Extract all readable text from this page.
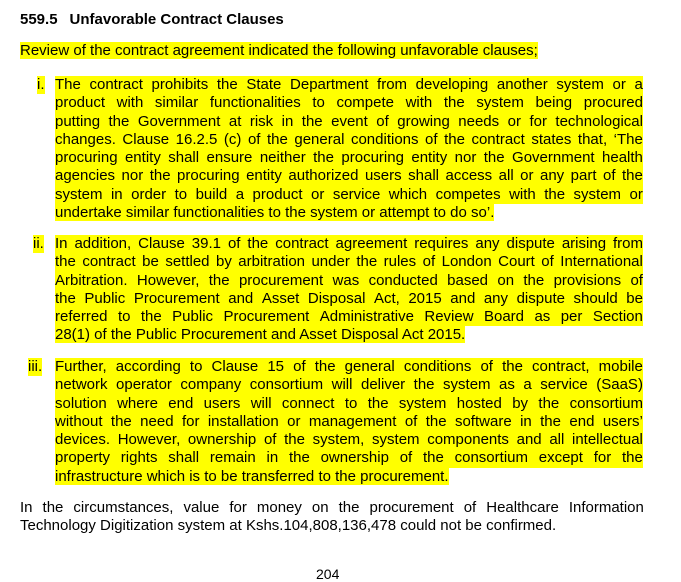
559.5 Unfavorable Contract Clauses
Review of the contract agreement indicated the following unfavorable clauses;
i. The contract prohibits the State Department from developing another system or a
product with similar functionalities to compete with the system being procured
putting the Government at risk in the event of growing needs or for technological
changes. Clause 16.2.5 (c) of the general conditions of the contract states that, ‘The
procuring entity shall ensure neither the procuring entity nor the Government health
agencies nor the procuring entity authorized users shall access all or any part of the
system in order to build a product or service which competes with the system or
undertake similar functionalities to the system or attempt to do so’.
ii. In addition, Clause 39.1 of the contract agreement requires any dispute arising from
the contract be settled by arbitration under the rules of London Court of International
Arbitration. However, the procurement was conducted based on the provisions of
the Public Procurement and Asset Disposal Act, 2015 and any dispute should be
referred to the Public Procurement Administrative Review Board as per Section
28(1) of the Public Procurement and Asset Disposal Act 2015.
iii. Further, according to Clause 15 of the general conditions of the contract, mobile
network operator company consortium will deliver the system as a service (SaaS)
solution where end users will connect to the system hosted by the consortium
without the need for installation or management of the software in the end users’
devices. However, ownership of the system, system components and all intellectual
property rights shall remain in the ownership of the consortium except for the
infrastructure which is to be transferred to the procurement.
In the circumstances, value for money on the procurement of Healthcare Information
Technology Digitization system at Kshs.104,808,136,478 could not be confirmed.
204
